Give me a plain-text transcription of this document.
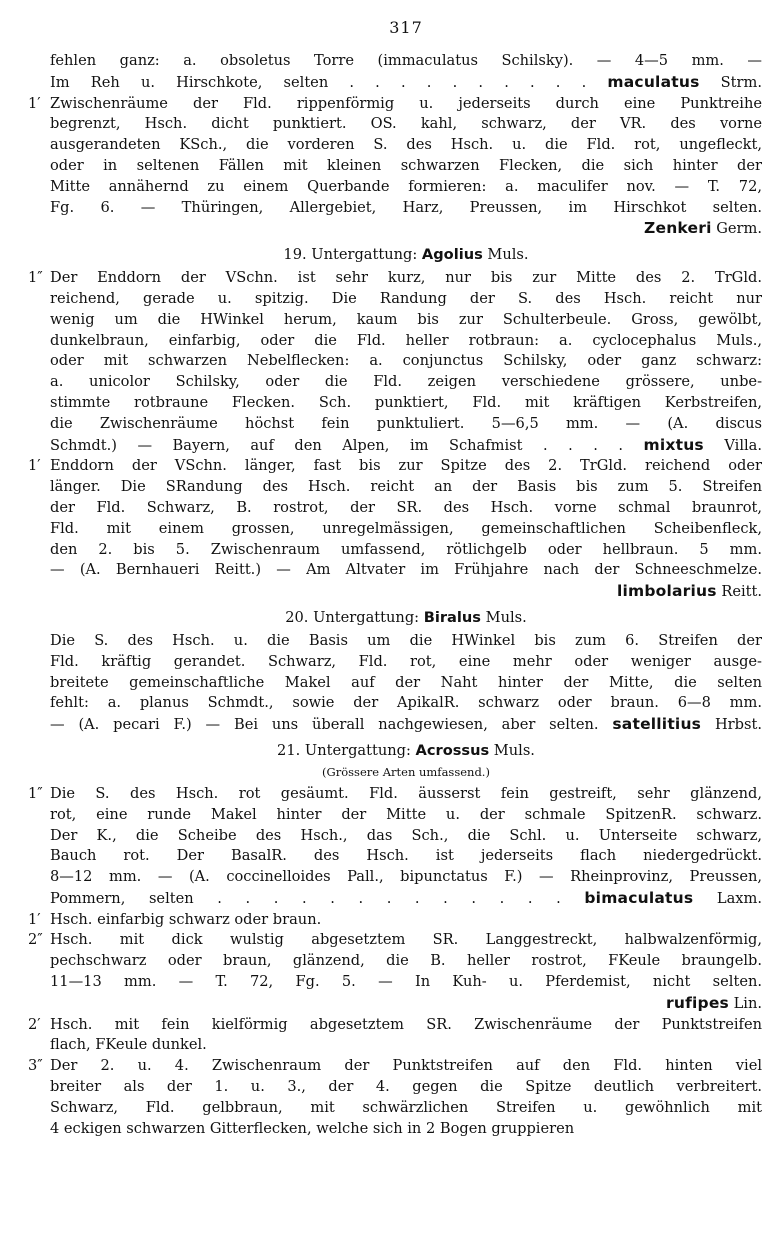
317
fehlen ganz: a. obsoletus Torre (immaculatus Schilsky). — 4—5 mm. —
Im Reh u. Hirschkote, selten . . . . . . . . . . maculatus Strm.
1′ Zwischenräume der Fld. rippenförmig u. jederseits durch eine Punktreihe
begrenzt, Hsch. dicht punktiert. OS. kahl, schwarz, der VR. des vorne
ausgerandeten KSch., die vorderen S. des Hsch. u. die Fld. rot, ungefleckt,
oder in seltenen Fällen mit kleinen schwarzen Flecken, die sich hinter der
Mitte annähernd zu einem Querbande formieren: a. maculifer nov. — T. 72,
Fg. 6. — Thüringen, Allergebiet, Harz, Preussen, im Hirschkot selten.
Zenkeri Germ.
19. Untergattung: Agolius Muls.
1″ Der Enddorn der VSchn. ist sehr kurz, nur bis zur Mitte des 2. TrGld.
reichend, gerade u. spitzig. Die Randung der S. des Hsch. reicht nur
wenig um die HWinkel herum, kaum bis zur Schulterbeule. Gross, gewölbt,
dunkelbraun, einfarbig, oder die Fld. heller rotbraun: a. cyclocephalus Muls.,
oder mit schwarzen Nebelflecken: a. conjunctus Schilsky, oder ganz schwarz:
a. unicolor Schilsky, oder die Fld. zeigen verschiedene grössere, unbe-
stimmte rotbraune Flecken. Sch. punktiert, Fld. mit kräftigen Kerbstreifen,
die Zwischenräume höchst fein punktuliert. 5—6,5 mm. — (A. discus
Schmdt.) — Bayern, auf den Alpen, im Schafmist . . . . mixtus Villa.
1′ Enddorn der VSchn. länger, fast bis zur Spitze des 2. TrGld. reichend oder
länger. Die SRandung des Hsch. reicht an der Basis bis zum 5. Streifen
der Fld. Schwarz, B. rostrot, der SR. des Hsch. vorne schmal braunrot,
Fld. mit einem grossen, unregelmässigen, gemeinschaftlichen Scheibenfleck,
den 2. bis 5. Zwischenraum umfassend, rötlichgelb oder hellbraun. 5 mm.
— (A. Bernhaueri Reitt.) — Am Altvater im Frühjahre nach der Schneeschmelze.
limbolarius Reitt.
20. Untergattung: Biralus Muls.
Die S. des Hsch. u. die Basis um die HWinkel bis zum 6. Streifen der
Fld. kräftig gerandet. Schwarz, Fld. rot, eine mehr oder weniger ausge-
breitete gemeinschaftliche Makel auf der Naht hinter der Mitte, die selten
fehlt: a. planus Schmdt., sowie der ApikalR. schwarz oder braun. 6—8 mm.
— (A. pecari F.) — Bei uns überall nachgewiesen, aber selten. satellitius Hrbst.
21. Untergattung: Acrossus Muls.
(Grössere Arten umfassend.)
1″ Die S. des Hsch. rot gesäumt. Fld. äusserst fein gestreift, sehr glänzend,
rot, eine runde Makel hinter der Mitte u. der schmale SpitzenR. schwarz.
Der K., die Scheibe des Hsch., das Sch., die Schl. u. Unterseite schwarz,
Bauch rot. Der BasalR. des Hsch. ist jederseits flach niedergedrückt.
8—12 mm. — (A. coccinelloides Pall., bipunctatus F.) — Rheinprovinz, Preussen,
Pommern, selten . . . . . . . . . . . . . bimaculatus Laxm.
1′ Hsch. einfarbig schwarz oder braun.
2″ Hsch. mit dick wulstig abgesetztem SR. Langgestreckt, halbwalzenförmig,
pechschwarz oder braun, glänzend, die B. heller rostrot, FKeule braungelb.
11—13 mm. — T. 72, Fg. 5. — In Kuh- u. Pferdemist, nicht selten.
rufipes Lin.
2′ Hsch. mit fein kielförmig abgesetztem SR. Zwischenräume der Punktstreifen
flach, FKeule dunkel.
3″ Der 2. u. 4. Zwischenraum der Punktstreifen auf den Fld. hinten viel
breiter als der 1. u. 3., der 4. gegen die Spitze deutlich verbreitert.
Schwarz, Fld. gelbbraun, mit schwärzlichen Streifen u. gewöhnlich mit
4 eckigen schwarzen Gitterflecken, welche sich in 2 Bogen gruppieren
